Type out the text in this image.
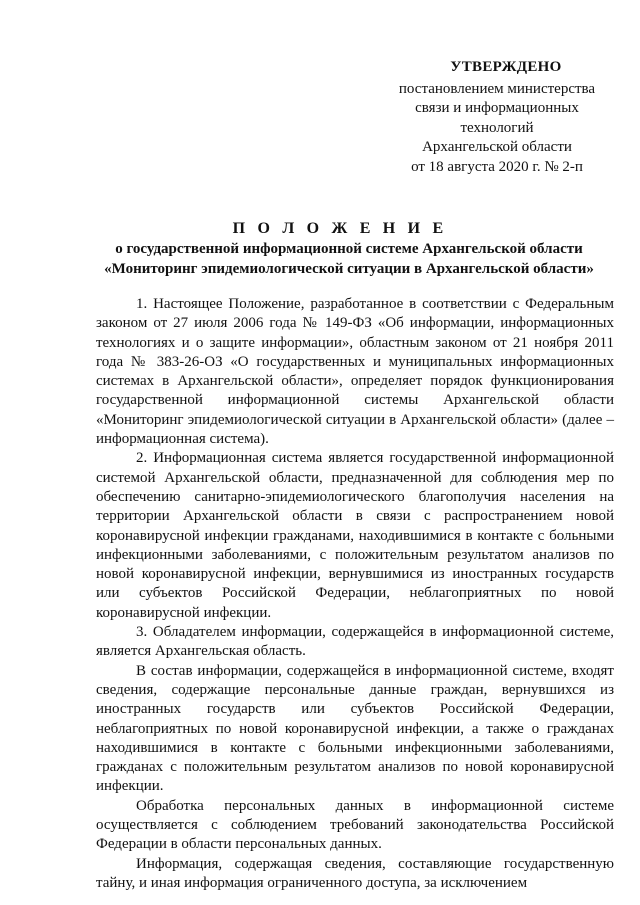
УТВЕРЖДЕНО
постановлением министерства
связи и информационных
технологий
Архангельской области
от 18 августа 2020 г. № 2-п
П О Л О Ж Е Н И Е
о государственной информационной системе Архангельской области
«Мониторинг эпидемиологической ситуации в Архангельской области»

1. Настоящее Положение, разработанное в соответствии с Федеральным законом от 27 июля 2006 года № 149-ФЗ «Об информации, информационных технологиях и о защите информации», областным законом от 21 ноября 2011 года № 383-26-ОЗ «О государственных и муниципальных информационных системах в Архангельской области», определяет порядок функционирования государственной информационной системы Архангельской области «Мониторинг эпидемиологической ситуации в Архангельской области» (далее – информационная система).

2. Информационная система является государственной информационной системой Архангельской области, предназначенной для соблюдения мер по обеспечению санитарно-эпидемиологического благополучия населения на территории Архангельской области в связи с распространением новой коронавирусной инфекции гражданами, находившимися в контакте с больными инфекционными заболеваниями, с положительным результатом анализов по новой коронавирусной инфекции, вернувшимися из иностранных государств или субъектов Российской Федерации, неблагоприятных по новой коронавирусной инфекции.

3. Обладателем информации, содержащейся в информационной системе, является Архангельская область.

В состав информации, содержащейся в информационной системе, входят сведения, содержащие персональные данные граждан, вернувшихся из иностранных государств или субъектов Российской Федерации, неблагоприятных по новой коронавирусной инфекции, а также о гражданах находившимися в контакте с больными инфекционными заболеваниями, гражданах с положительным результатом анализов по новой коронавирусной инфекции.

Обработка персональных данных в информационной системе осуществляется с соблюдением требований законодательства Российской Федерации в области персональных данных.

Информация, содержащая сведения, составляющие государственную тайну, и иная информация ограниченного доступа, за исключением
